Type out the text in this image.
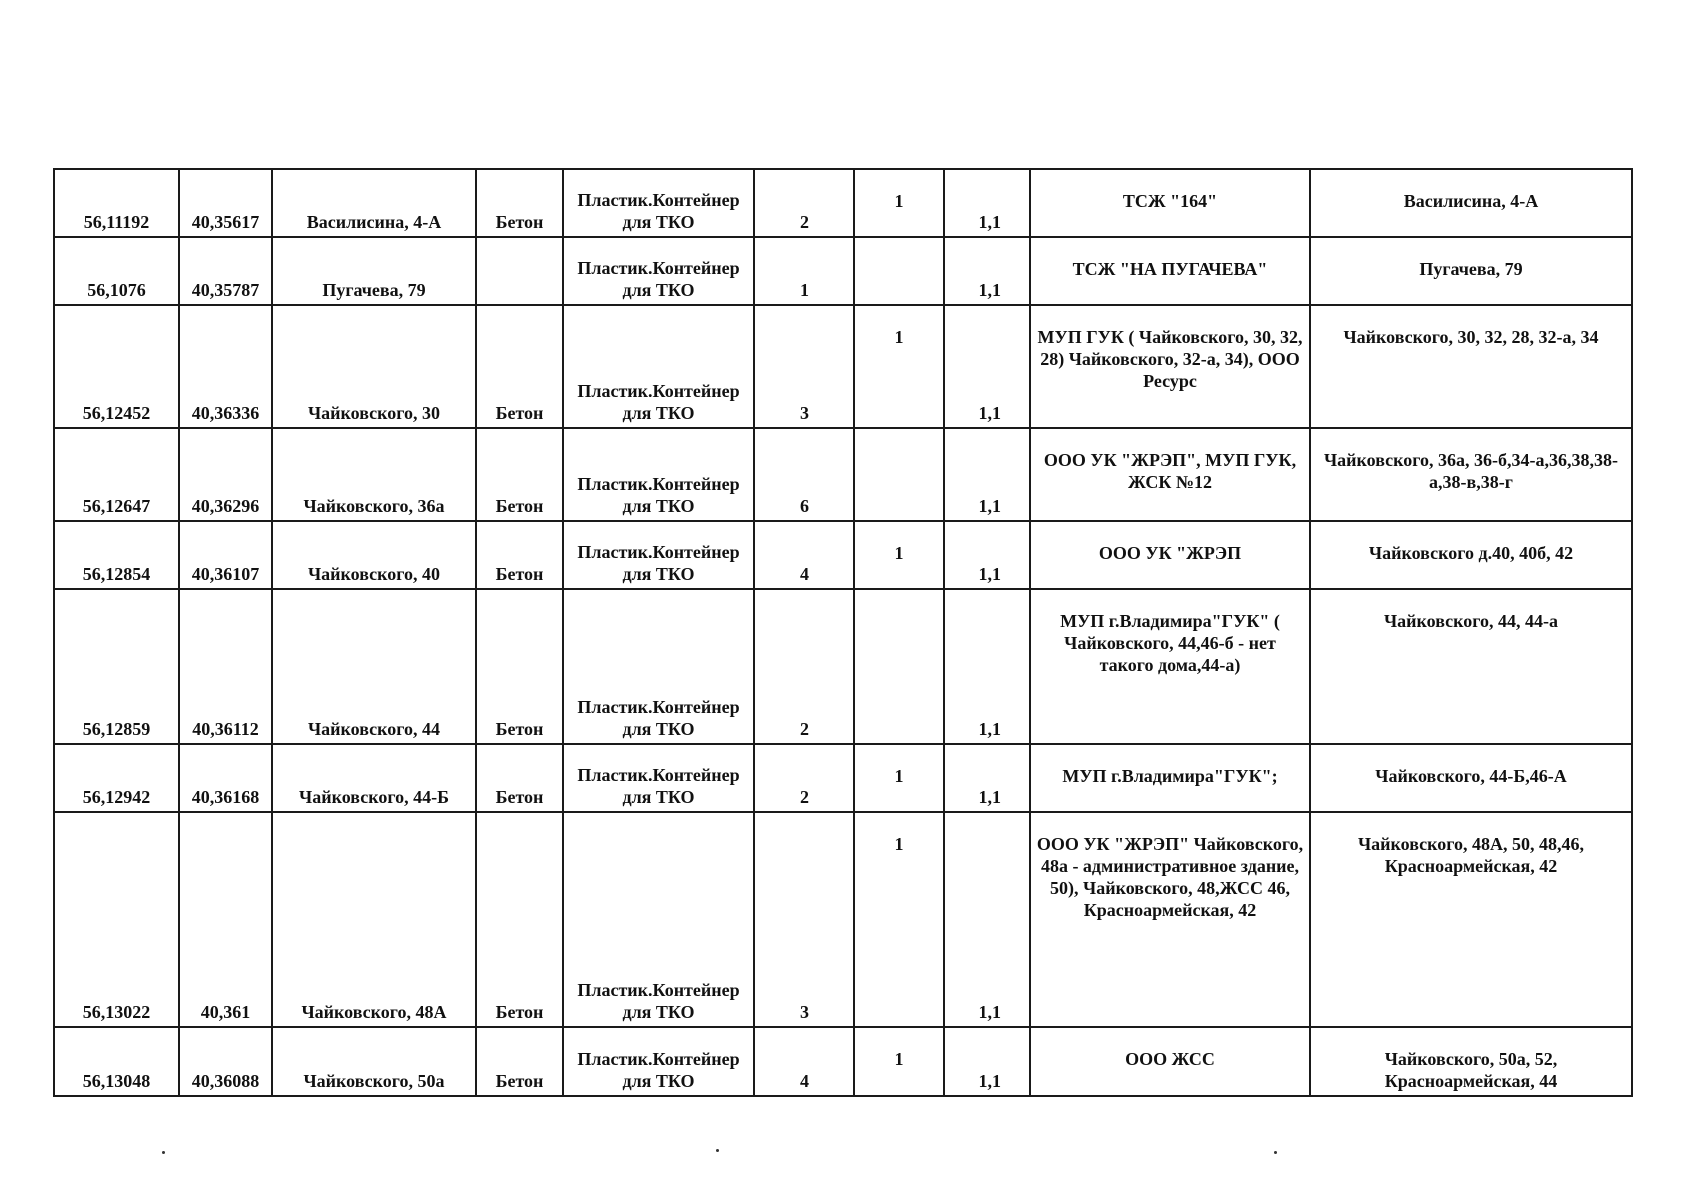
56,11192	40,35617	Василисина, 4-А	Бетон	Пластик.Контейнер для ТКО	2	1	1,1	ТСЖ "164"	Василисина, 4-А
56,1076	40,35787	Пугачева, 79		Пластик.Контейнер для ТКО	1		1,1	ТСЖ "НА ПУГАЧЕВА"	Пугачева, 79
56,12452	40,36336	Чайковского, 30	Бетон	Пластик.Контейнер для ТКО	3	1	1,1	МУП ГУК ( Чайковского, 30, 32, 28) Чайковского, 32-а, 34), ООО Ресурс	Чайковского, 30, 32, 28, 32-а, 34
56,12647	40,36296	Чайковского, 36а	Бетон	Пластик.Контейнер для ТКО	6		1,1	ООО УК "ЖРЭП", МУП ГУК, ЖСК №12	Чайковского, 36а, 36-б,34-а,36,38,38-а,38-в,38-г
56,12854	40,36107	Чайковского, 40	Бетон	Пластик.Контейнер для ТКО	4	1	1,1	ООО УК "ЖРЭП	Чайковского д.40, 40б, 42
56,12859	40,36112	Чайковского, 44	Бетон	Пластик.Контейнер для ТКО	2		1,1	МУП г.Владимира"ГУК" ( Чайковского, 44,46-б - нет такого дома,44-а)	Чайковского, 44, 44-а
56,12942	40,36168	Чайковского, 44-Б	Бетон	Пластик.Контейнер для ТКО	2	1	1,1	МУП г.Владимира"ГУК";	Чайковского, 44-Б,46-А
56,13022	40,361	Чайковского, 48А	Бетон	Пластик.Контейнер для ТКО	3	1	1,1	ООО УК "ЖРЭП" Чайковского, 48а - административное здание, 50), Чайковского, 48,ЖСС 46, Красноармейская, 42	Чайковского, 48А, 50, 48,46, Красноармейская, 42
56,13048	40,36088	Чайковского, 50а	Бетон	Пластик.Контейнер для ТКО	4	1	1,1	ООО ЖСС	Чайковского, 50а, 52, Красноармейская, 44
